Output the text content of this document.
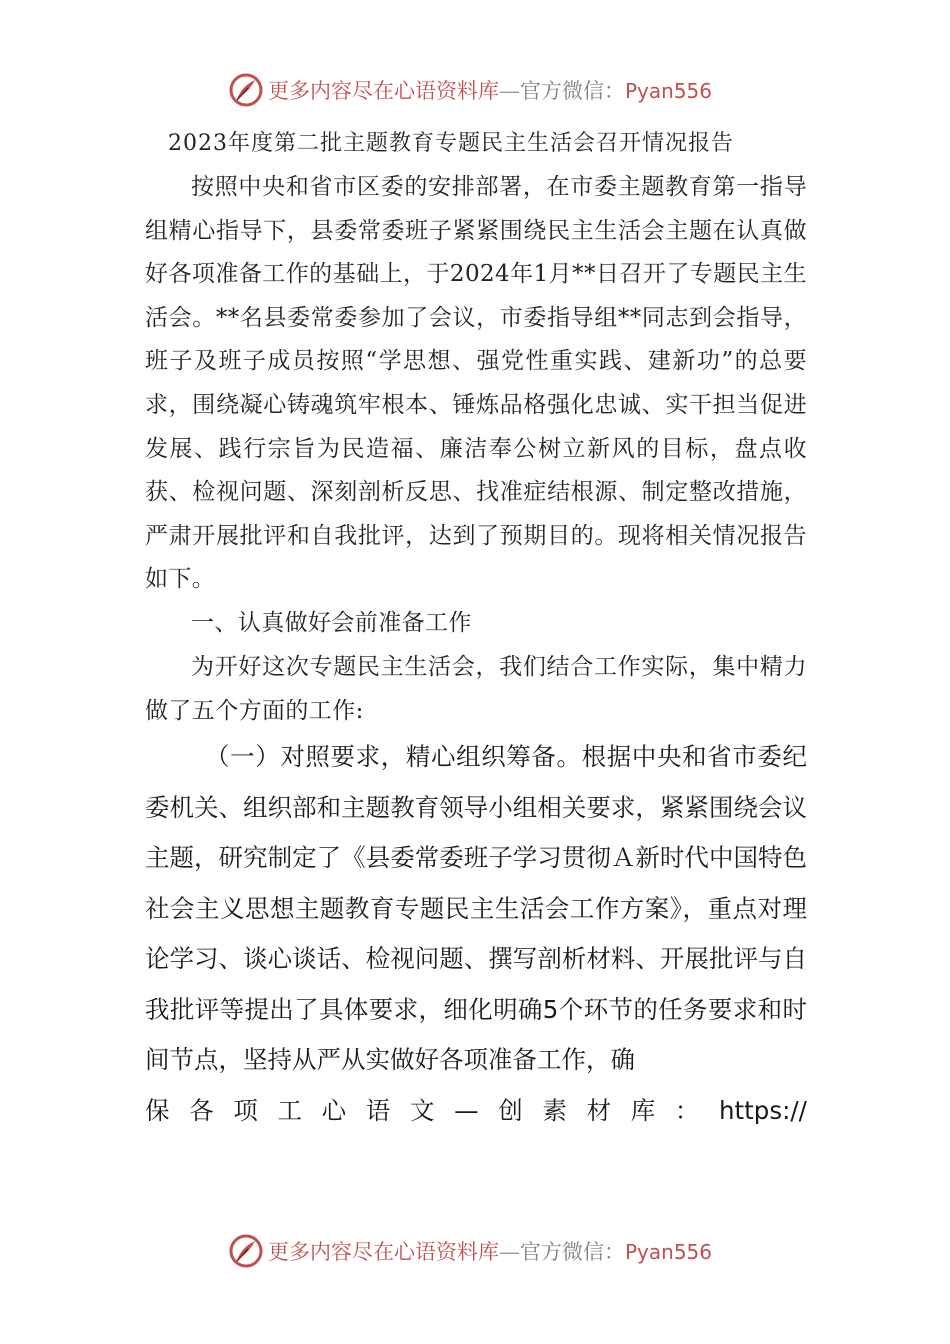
更多内容尽在心语资料库—官方微信：Pyan556
2023年度第二批主题教育专题民主生活会召开情况报告
按照中央和省市区委的安排部署，在市委主题教育第一指导组精心指导下，县委常委班子紧紧围绕民主生活会主题在认真做好各项准备工作的基础上，于2024年1月**日召开了专题民主生活会。**名县委常委参加了会议，市委指导组**同志到会指导，班子及班子成员按照“学思想、强党性重实践、建新功”的总要求，围绕凝心铸魂筑牢根本、锤炼品格强化忠诚、实干担当促进发展、践行宗旨为民造福、廉洁奉公树立新风的目标，盘点收获、检视问题、深刻剖析反思、找准症结根源、制定整改措施，严肃开展批评和自我批评，达到了预期目的。现将相关情况报告如下。
一、认真做好会前准备工作
为开好这次专题民主生活会，我们结合工作实际，集中精力做了五个方面的工作:
（一）对照要求，精心组织筹备。根据中央和省市委纪委机关、组织部和主题教育领导小组相关要求，紧紧围绕会议主题，研究制定了《县委常委班子学习贯彻Ａ新时代中国特色社会主义思想主题教育专题民主生活会工作方案》，重点对理论学习、谈心谈话、检视问题、撰写剖析材料、开展批评与自我批评等提出了具体要求，细化明确5个环节的任务要求和时间节点，坚持从严从实做好各项准备工作，确
保 各 项 工 心 语 文 — 创 素 材 库 ： https://
更多内容尽在心语资料库—官方微信：Pyan556
